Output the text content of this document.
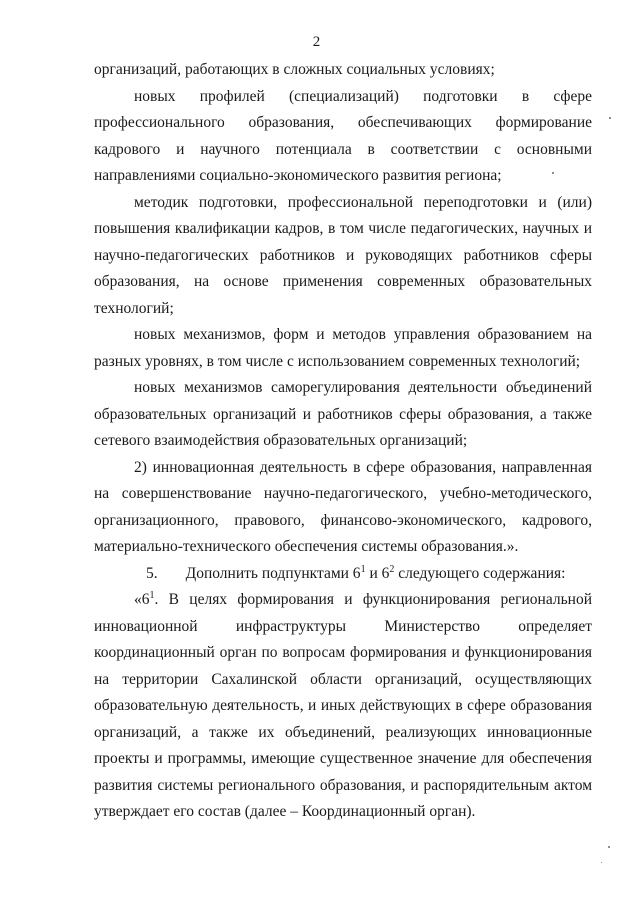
2

организаций, работающих в сложных социальных условиях;

новых профилей (специализаций) подготовки в сфере профессионального образования, обеспечивающих формирование кадрового и научного потенциала в соответствии с основными направлениями социально-экономического развития региона;

методик подготовки, профессиональной переподготовки и (или) повышения квалификации кадров, в том числе педагогических, научных и научно-педагогических работников и руководящих работников сферы образования, на основе применения современных образовательных технологий;

новых механизмов, форм и методов управления образованием на разных уровнях, в том числе с использованием современных технологий;

новых механизмов саморегулирования деятельности объединений образовательных организаций и работников сферы образования, а также сетевого взаимодействия образовательных организаций;

2) инновационная деятельность в сфере образования, направленная на совершенствование научно-педагогического, учебно-методического, организационного, правового, финансово-экономического, кадрового, материально-технического обеспечения системы образования.».

5. Дополнить подпунктами $6^1$ и $6^2$ следующего содержания:

«$6^1$. В целях формирования и функционирования региональной инновационной инфраструктуры Министерство определяет координационный орган по вопросам формирования и функционирования на территории Сахалинской области организаций, осуществляющих образовательную деятельность, и иных действующих в сфере образования организаций, а также их объединений, реализующих инновационные проекты и программы, имеющие существенное значение для обеспечения развития системы регионального образования, и распорядительным актом утверждает его состав (далее – Координационный орган).
